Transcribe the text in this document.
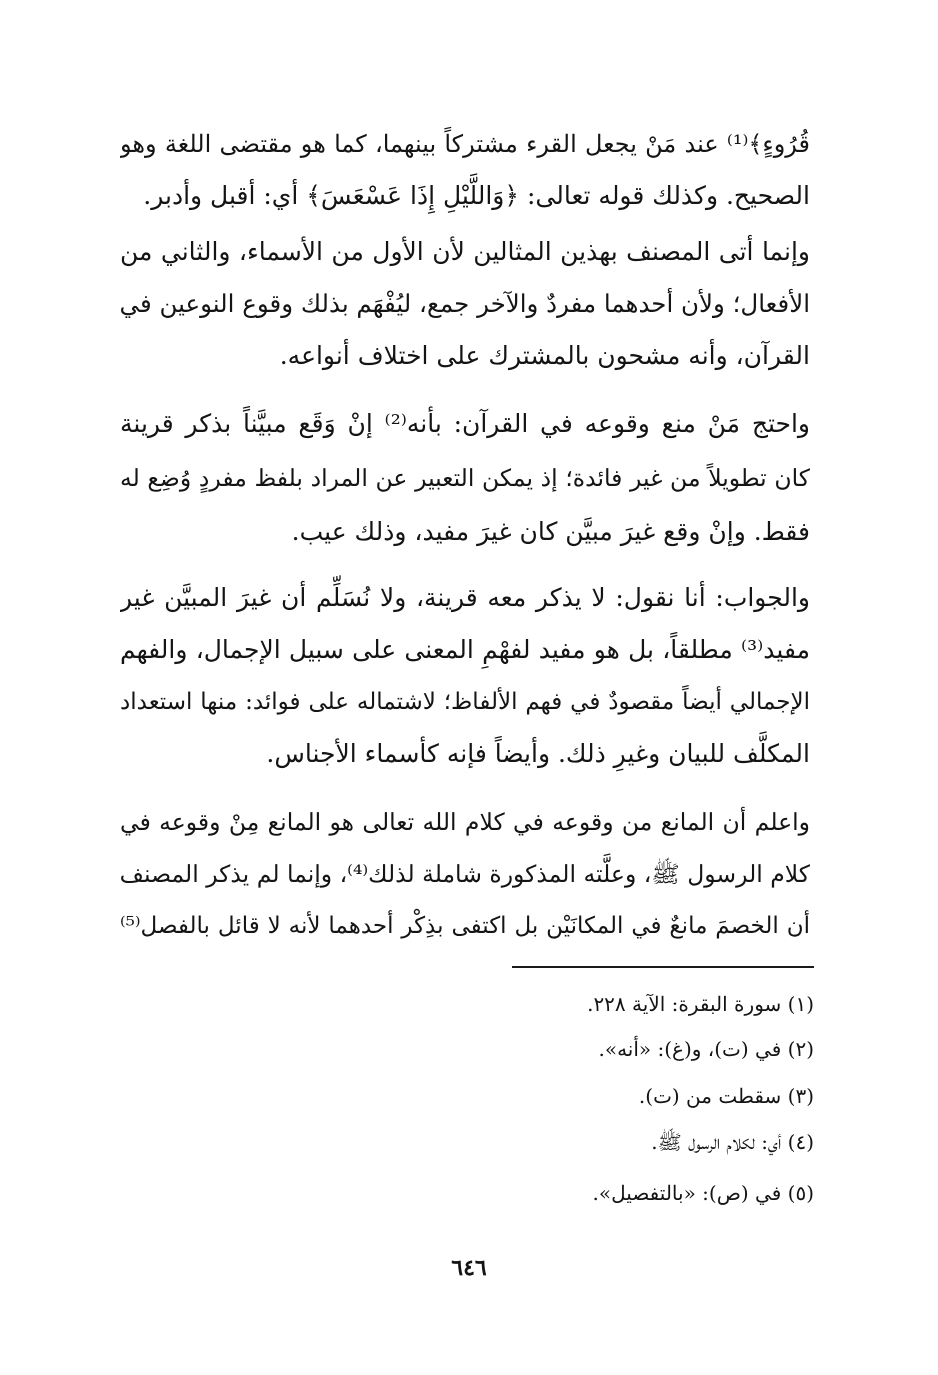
قُرُوءٍ﴾⁽¹⁾ عند مَنْ يجعل القرء مشتركاً بينهما، كما هو مقتضى اللغة وهو
الصحيح. وكذلك قوله تعالى: ﴿وَاللَّيْلِ إِذَا عَسْعَسَ﴾ أي: أقبل وأدبر.
وإنما أتى المصنف بهذين المثالين لأن الأول من الأسماء، والثاني من
الأفعال؛ ولأن أحدهما مفردٌ والآخر جمع، ليُفْهَم بذلك وقوع النوعين في
القرآن، وأنه مشحون بالمشترك على اختلاف أنواعه.
واحتج مَنْ منع وقوعه في القرآن: بأنه⁽²⁾ إنْ وَقَع مبيَّناً بذكر قرينة
كان تطويلاً من غير فائدة؛ إذ يمكن التعبير عن المراد بلفظ مفردٍ وُضِع له
فقط. وإنْ وقع غيرَ مبيَّن كان غيرَ مفيد، وذلك عيب.
والجواب: أنا نقول: لا يذكر معه قرينة، ولا نُسَلِّم أن غيرَ المبيَّن غير
مفيد⁽³⁾ مطلقاً، بل هو مفيد لفهْمِ المعنى على سبيل الإجمال، والفهم
الإجمالي أيضاً مقصودٌ في فهم الألفاظ؛ لاشتماله على فوائد: منها استعداد
المكلَّف للبيان وغيرِ ذلك. وأيضاً فإنه كأسماء الأجناس.
واعلم أن المانع من وقوعه في كلام الله تعالى هو المانع مِنْ وقوعه في
كلام الرسول ﷺ، وعلَّته المذكورة شاملة لذلك⁽⁴⁾، وإنما لم يذكر المصنف
أن الخصمَ مانعٌ في المكانَيْن بل اكتفى بذِكْر أحدهما لأنه لا قائل بالفصل⁽⁵⁾
(١) سورة البقرة: الآية ٢٢٨.
(٢) في (ت)، و(غ): «أنه».
(٣) سقطت من (ت).
(٤) أي: لكلام الرسول ﷺ.
(٥) في (ص): «بالتفصيل».
٦٤٦
